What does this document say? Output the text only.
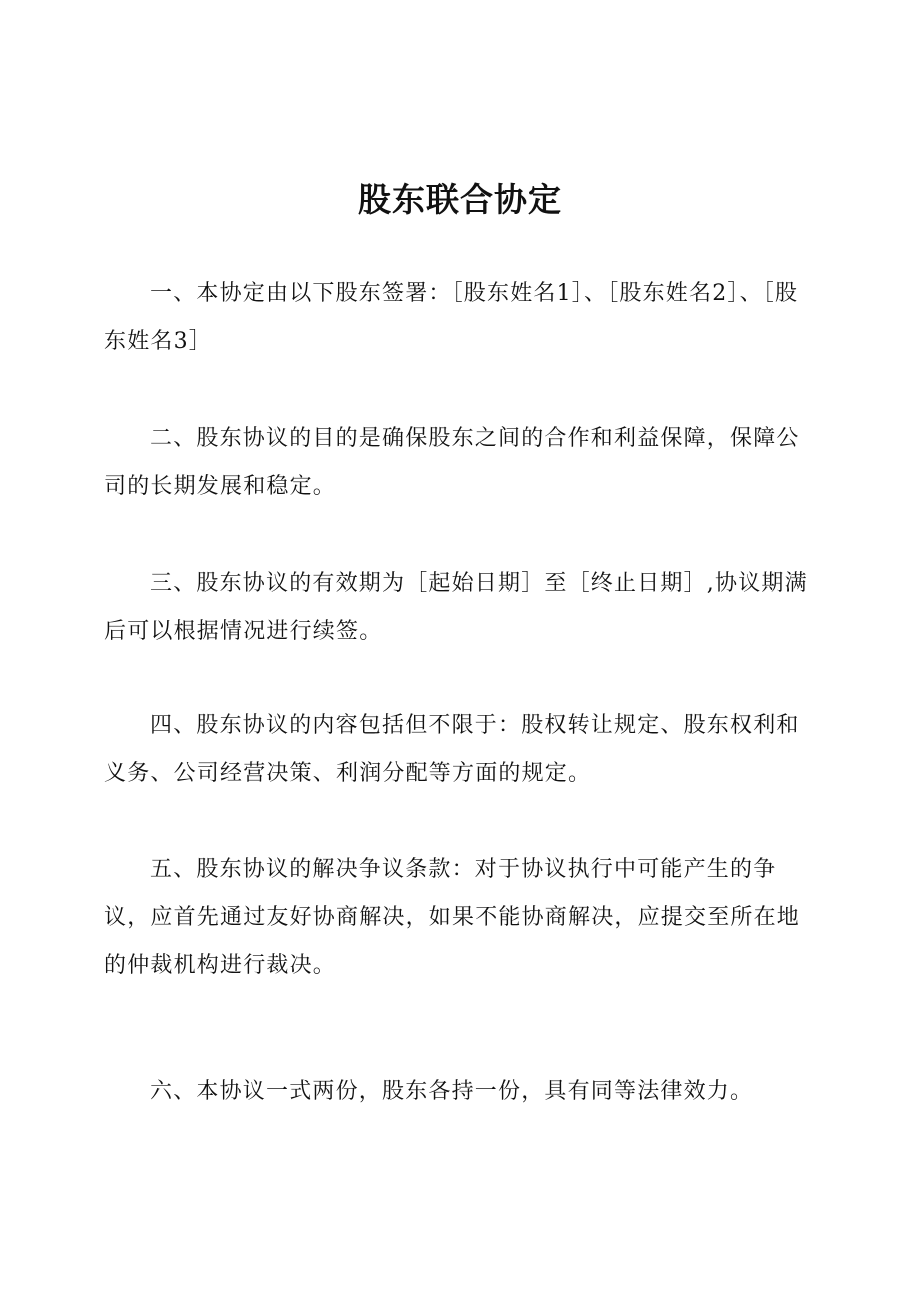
股东联合协定

一、本协定由以下股东签署：［股东姓名1］、［股东姓名2］、［股东姓名3］

二、股东协议的目的是确保股东之间的合作和利益保障，保障公司的长期发展和稳定。

三、股东协议的有效期为［起始日期］至［终止日期］,协议期满后可以根据情况进行续签。

四、股东协议的内容包括但不限于：股权转让规定、股东权利和义务、公司经营决策、利润分配等方面的规定。

五、股东协议的解决争议条款：对于协议执行中可能产生的争议，应首先通过友好协商解决，如果不能协商解决，应提交至所在地的仲裁机构进行裁决。

六、本协议一式两份，股东各持一份，具有同等法律效力。
